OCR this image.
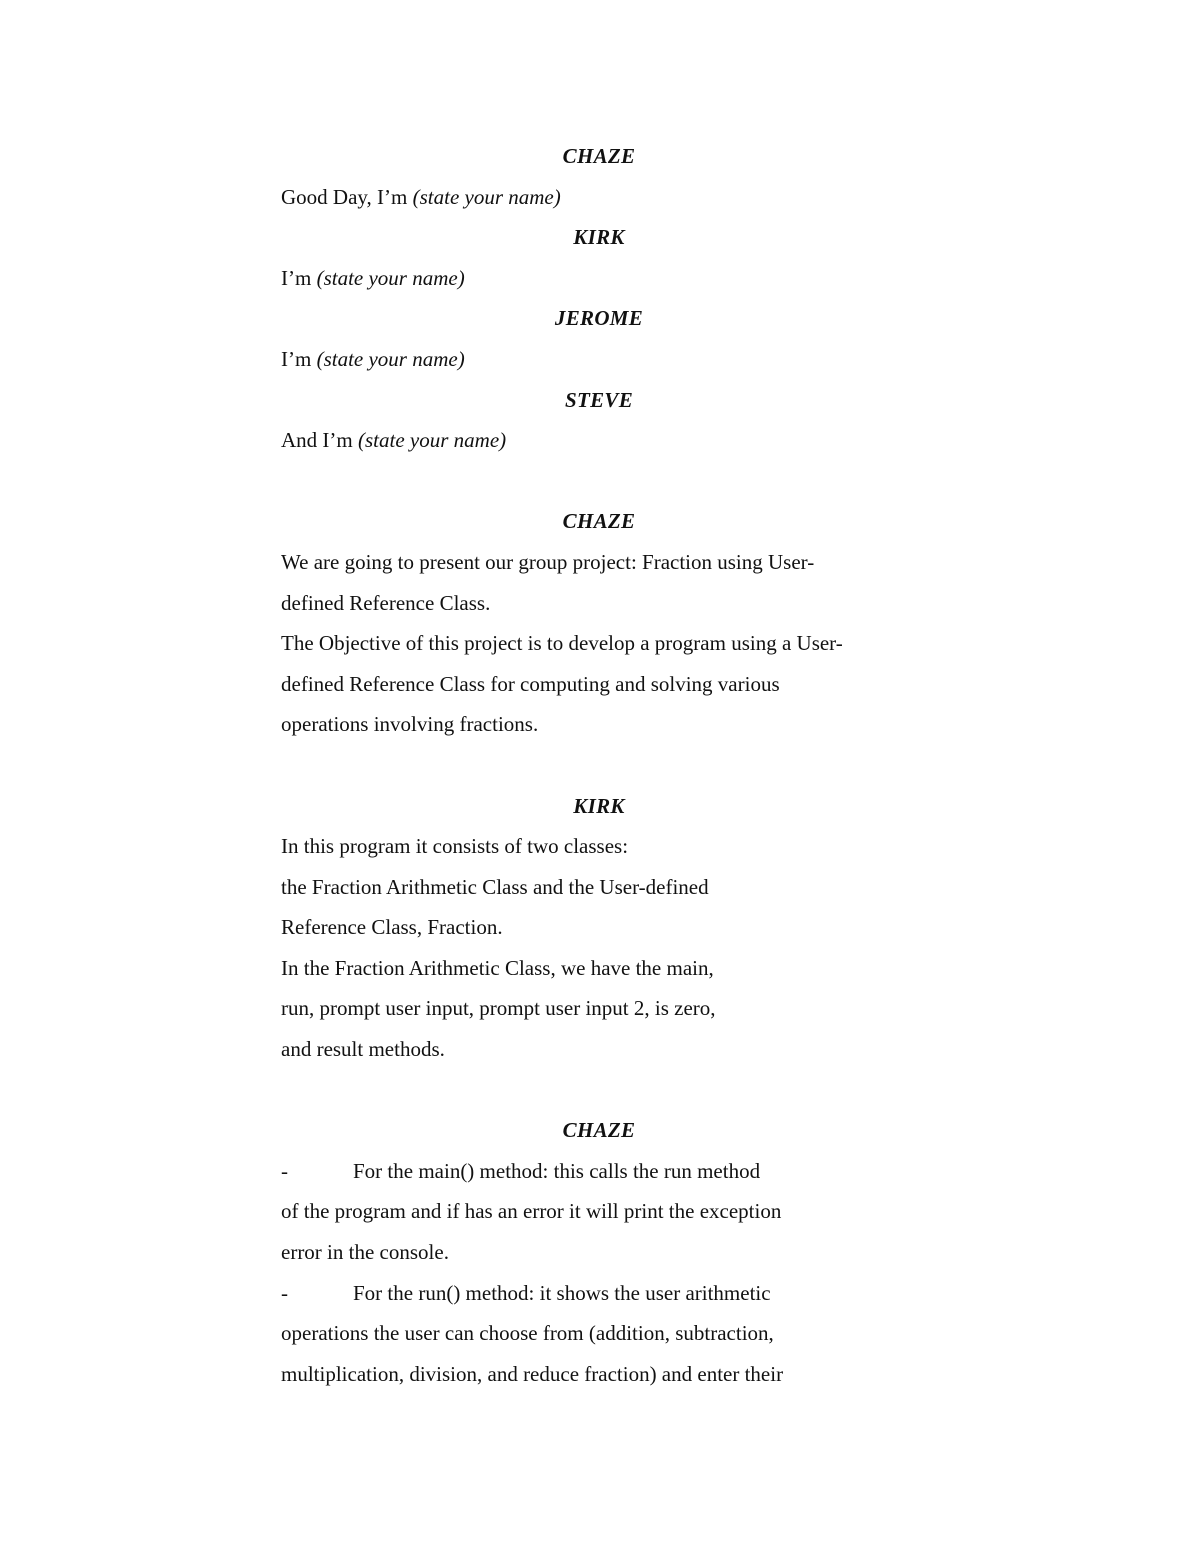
CHAZE
Good Day, I’m (state your name)
KIRK
I’m (state your name)
JEROME
I’m (state your name)
STEVE
And I’m (state your name)
CHAZE
We are going to present our group project: Fraction using User-
defined Reference Class.
The Objective of this project is to develop a program using a User-
defined Reference Class for computing and solving various
operations involving fractions.
KIRK
In this program it consists of two classes:
the Fraction Arithmetic Class and the User-defined
Reference Class, Fraction.
In the Fraction Arithmetic Class, we have the main,
run, prompt user input, prompt user input 2, is zero,
and result methods.
CHAZE
-	For the main() method: this calls the run method
of the program and if has an error it will print the exception
error in the console.
-	For the run() method: it shows the user arithmetic
operations the user can choose from (addition, subtraction,
multiplication, division, and reduce fraction) and enter their
